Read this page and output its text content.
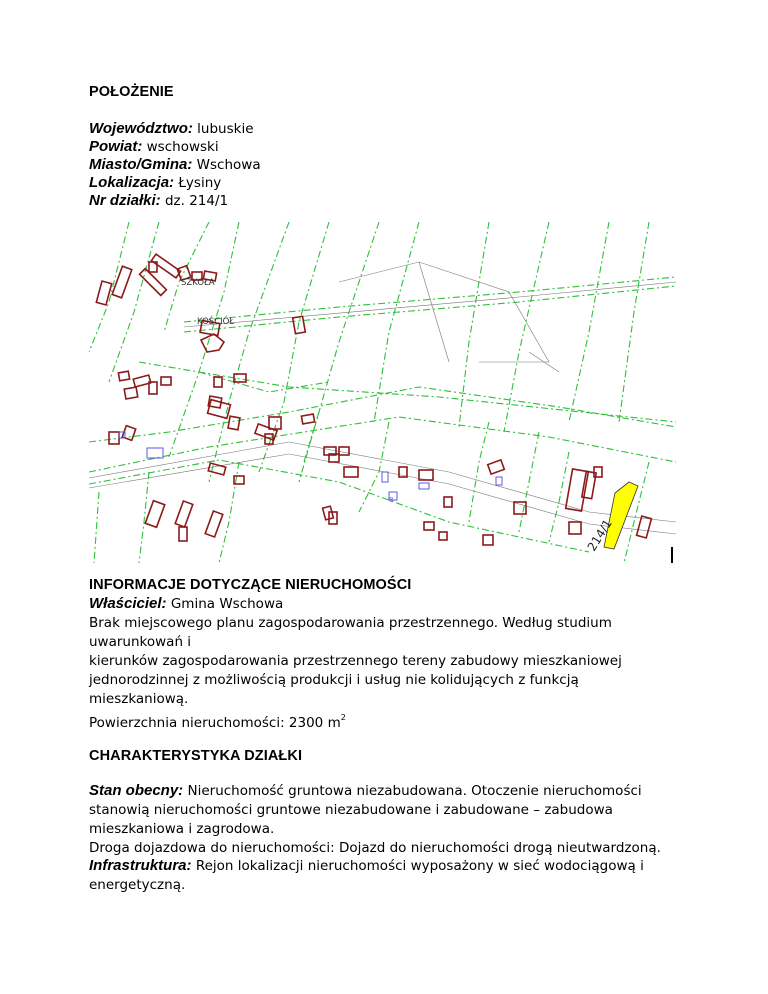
POŁOŻENIE
Województwo: lubuskie
Powiat: wschowski
Miasto/Gmina: Wschowa
Lokalizacja: Łysiny
Nr działki: dz. 214/1
8
SZKOŁA
KOŚCIÓŁ
214/1
INFORMACJE DOTYCZĄCE NIERUCHOMOŚCI
Właściciel: Gmina Wschowa
Brak miejscowego planu zagospodarowania przestrzennego. Według studium
uwarunkowań i
kierunków zagospodarowania przestrzennego tereny zabudowy mieszkaniowej
jednorodzinnej z możliwością produkcji i usług nie kolidujących z funkcją
mieszkaniową.
Powierzchnia nieruchomości: 2300 $m^2$
CHARAKTERYSTYKA DZIAŁKI
Stan obecny: Nieruchomość gruntowa niezabudowana. Otoczenie nieruchomości
stanowią nieruchomości gruntowe niezabudowane i zabudowane – zabudowa
mieszkaniowa i zagrodowa.
Droga dojazdowa do nieruchomości: Dojazd do nieruchomości drogą nieutwardzoną.
Infrastruktura: Rejon lokalizacji nieruchomości wyposażony w sieć wodociągową i
energetyczną.
